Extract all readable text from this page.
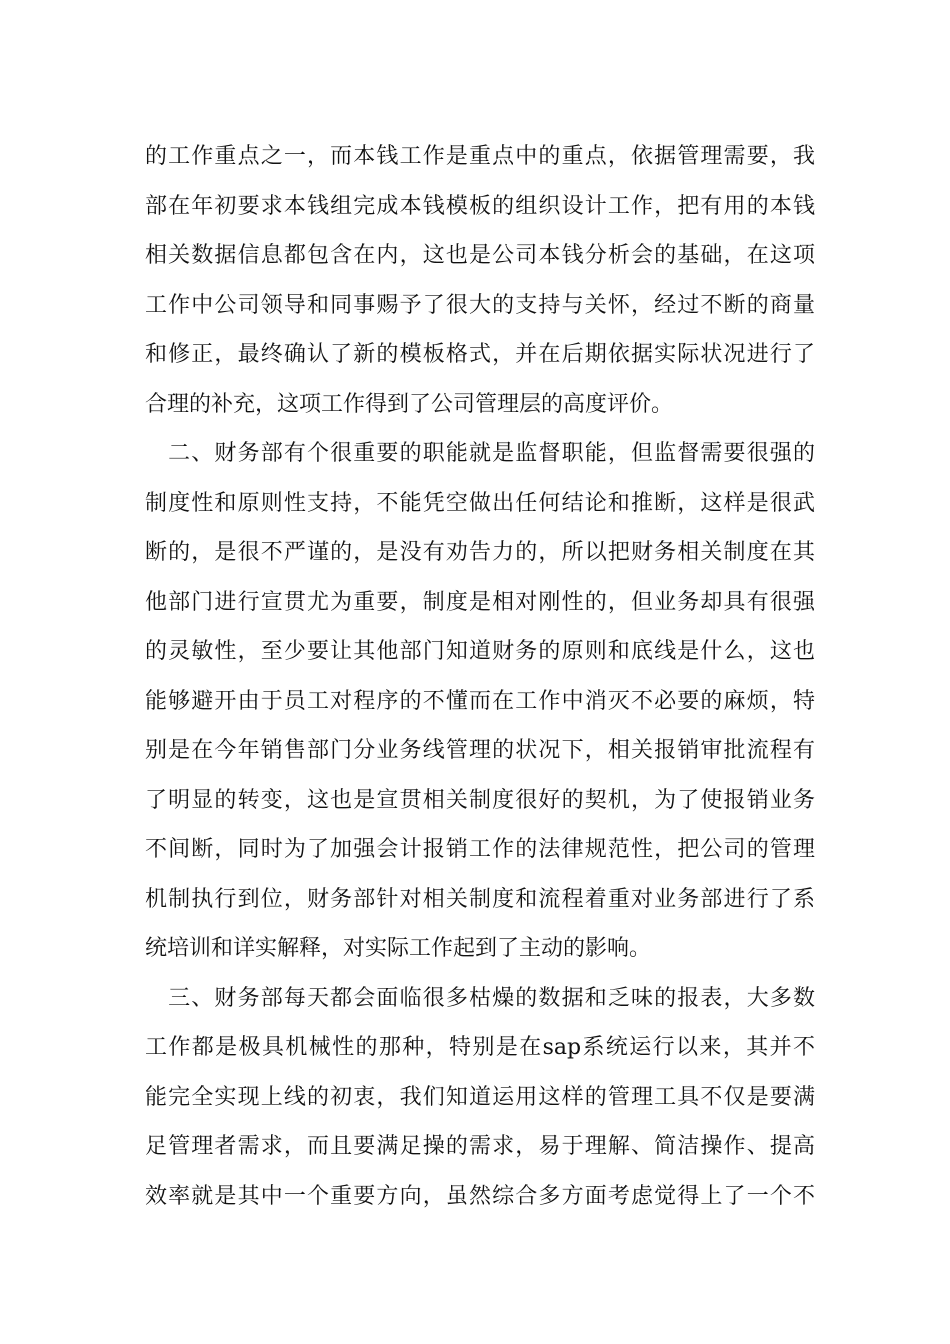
的工作重点之一，而本钱工作是重点中的重点，依据管理需要，我
部在年初要求本钱组完成本钱模板的组织设计工作，把有用的本钱
相关数据信息都包含在内，这也是公司本钱分析会的基础，在这项
工作中公司领导和同事赐予了很大的支持与关怀，经过不断的商量
和修正，最终确认了新的模板格式，并在后期依据实际状况进行了
合理的补充，这项工作得到了公司管理层的高度评价。
　二、财务部有个很重要的职能就是监督职能，但监督需要很强的
制度性和原则性支持，不能凭空做出任何结论和推断，这样是很武
断的，是很不严谨的，是没有劝告力的，所以把财务相关制度在其
他部门进行宣贯尤为重要，制度是相对刚性的，但业务却具有很强
的灵敏性，至少要让其他部门知道财务的原则和底线是什么，这也
能够避开由于员工对程序的不懂而在工作中消灭不必要的麻烦，特
别是在今年销售部门分业务线管理的状况下，相关报销审批流程有
了明显的转变，这也是宣贯相关制度很好的契机，为了使报销业务
不间断，同时为了加强会计报销工作的法律规范性，把公司的管理
机制执行到位，财务部针对相关制度和流程着重对业务部进行了系
统培训和详实解释，对实际工作起到了主动的影响。
　三、财务部每天都会面临很多枯燥的数据和乏味的报表，大多数
工作都是极具机械性的那种，特别是在sap系统运行以来，其并不
能完全实现上线的初衷，我们知道运用这样的管理工具不仅是要满
足管理者需求，而且要满足操的需求，易于理解、简洁操作、提高
效率就是其中一个重要方向，虽然综合多方面考虑觉得上了一个不
